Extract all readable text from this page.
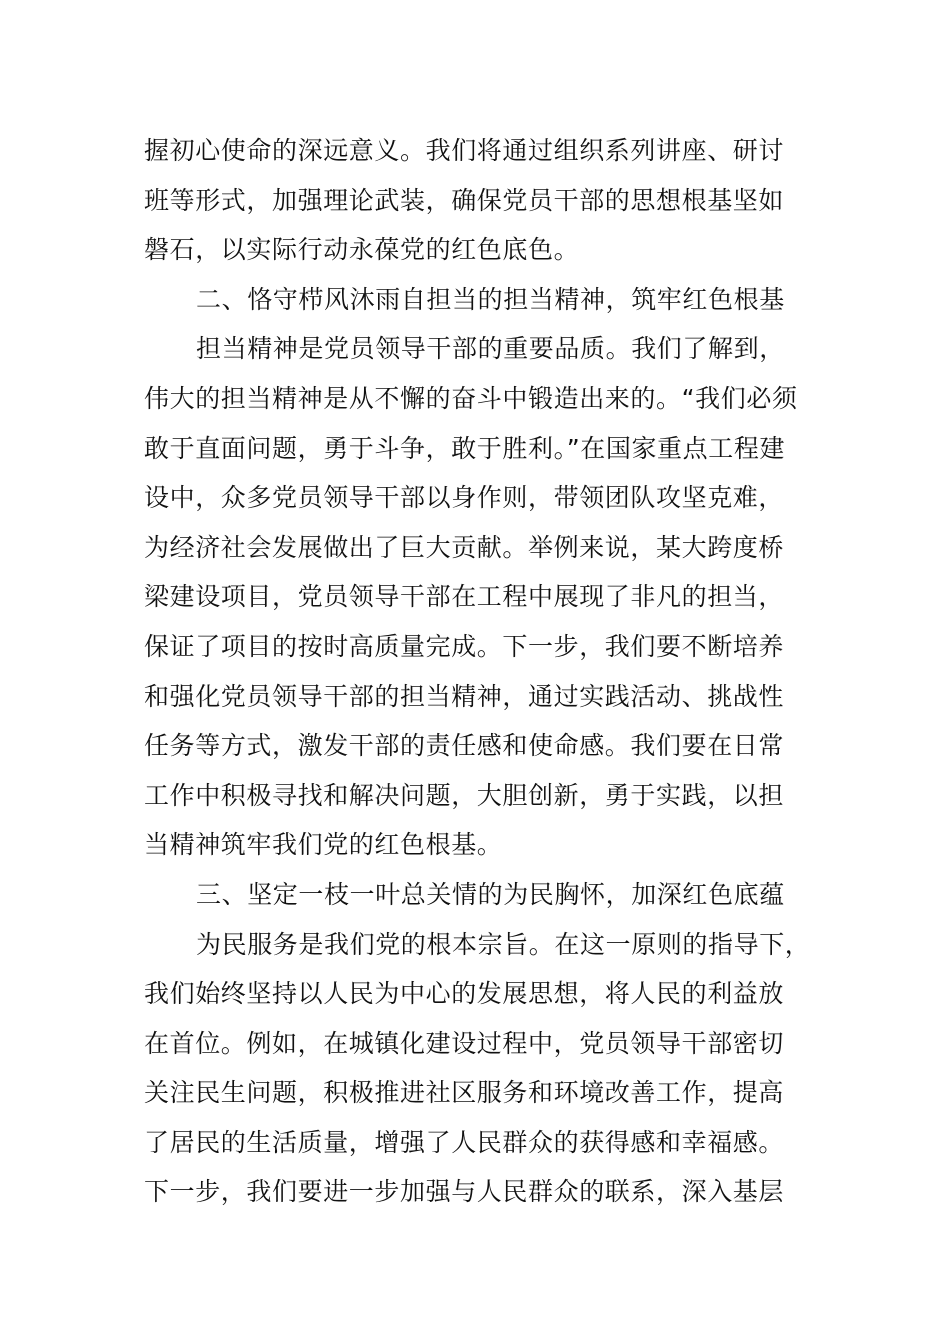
握初心使命的深远意义。我们将通过组织系列讲座、研讨

班等形式，加强理论武装，确保党员干部的思想根基坚如

磐石，以实际行动永葆党的红色底色。

二、恪守栉风沐雨自担当的担当精神，筑牢红色根基

担当精神是党员领导干部的重要品质。我们了解到，

伟大的担当精神是从不懈的奋斗中锻造出来的。“我们必须

敢于直面问题，勇于斗争，敢于胜利。”在国家重点工程建

设中，众多党员领导干部以身作则，带领团队攻坚克难，

为经济社会发展做出了巨大贡献。举例来说，某大跨度桥

梁建设项目，党员领导干部在工程中展现了非凡的担当，

保证了项目的按时高质量完成。下一步，我们要不断培养

和强化党员领导干部的担当精神，通过实践活动、挑战性

任务等方式，激发干部的责任感和使命感。我们要在日常

工作中积极寻找和解决问题，大胆创新，勇于实践，以担

当精神筑牢我们党的红色根基。

三、坚定一枝一叶总关情的为民胸怀，加深红色底蕴

为民服务是我们党的根本宗旨。在这一原则的指导下，

我们始终坚持以人民为中心的发展思想，将人民的利益放

在首位。例如，在城镇化建设过程中，党员领导干部密切

关注民生问题，积极推进社区服务和环境改善工作，提高

了居民的生活质量，增强了人民群众的获得感和幸福感。

下一步，我们要进一步加强与人民群众的联系，深入基层
